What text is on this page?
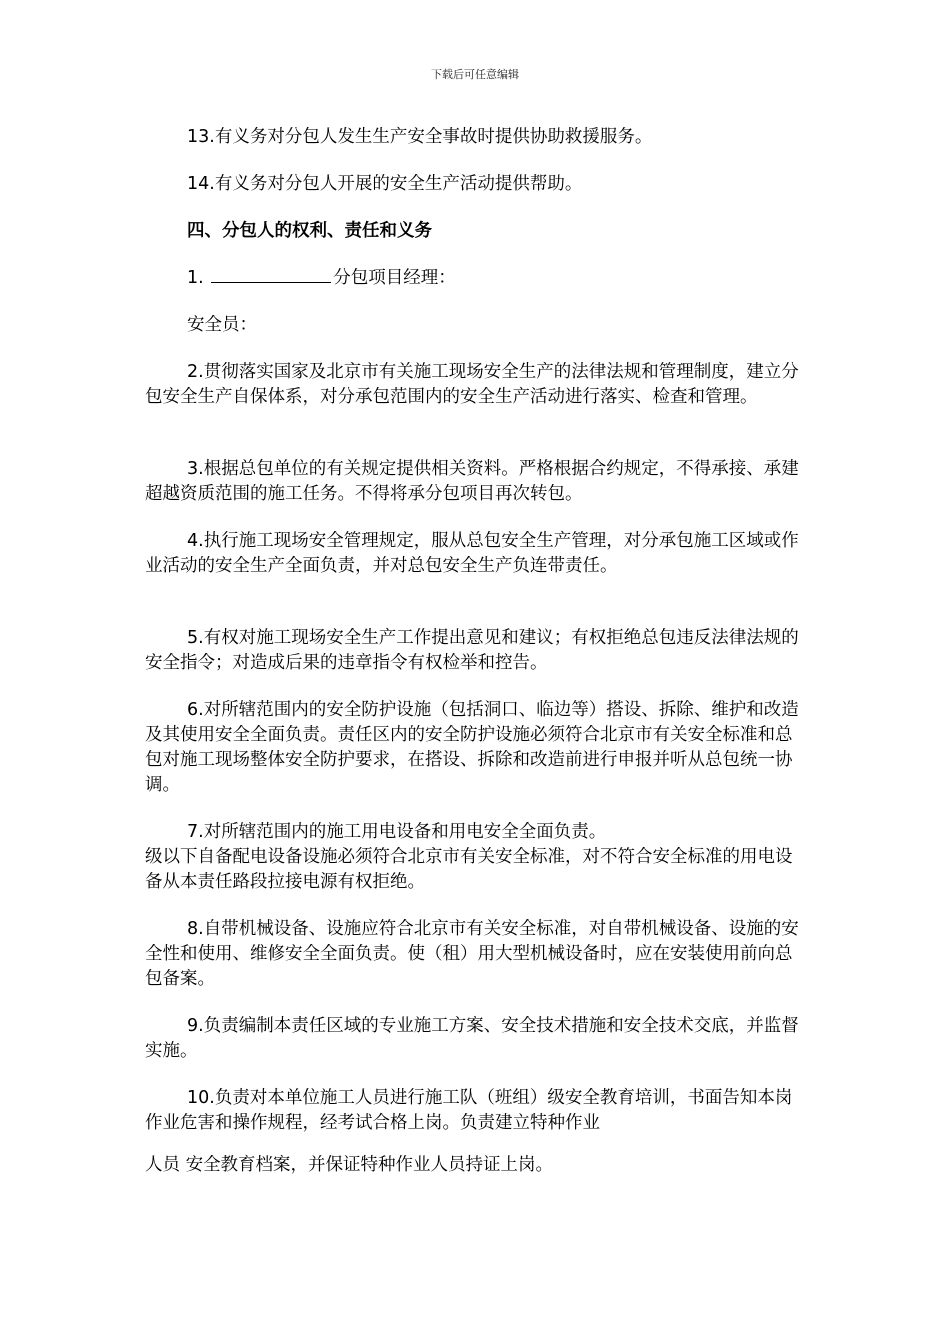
下载后可任意编辑
13.有义务对分包人发生生产安全事故时提供协助救援服务。
14.有义务对分包人开展的安全生产活动提供帮助。
四、分包人的权利、责任和义务
1.	分包项目经理：
安全员：

2.贯彻落实国家及北京市有关施工现场安全生产的法律法规和管理制度，建立分包安全生产自保体系，对分承包范围内的安全生产活动进行落实、检查和管理。

3.根据总包单位的有关规定提供相关资料。严格根据合约规定，不得承接、承建超越资质范围的施工任务。不得将承分包项目再次转包。

4.执行施工现场安全管理规定，服从总包安全生产管理，对分承包施工区域或作业活动的安全生产全面负责，并对总包安全生产负连带责任。

5.有权对施工现场安全生产工作提出意见和建议；有权拒绝总包违反法律法规的安全指令；对造成后果的违章指令有权检举和控告。

6.对所辖范围内的安全防护设施（包括洞口、临边等）搭设、拆除、维护和改造及其使用安全全面负责。责任区内的安全防护设施必须符合北京市有关安全标准和总包对施工现场整体安全防护要求，在搭设、拆除和改造前进行申报并听从总包统一协调。

7.对所辖范围内的施工用电设备和用电安全全面负责。
级以下自备配电设备设施必须符合北京市有关安全标准，对不符合安全标准的用电设备从本责任路段拉接电源有权拒绝。

8.自带机械设备、设施应符合北京市有关安全标准，对自带机械设备、设施的安全性和使用、维修安全全面负责。使（租）用大型机械设备时，应在安装使用前向总包备案。

9.负责编制本责任区域的专业施工方案、安全技术措施和安全技术交底，并监督实施。

10.负责对本单位施工人员进行施工队（班组）级安全教育培训，书面告知本岗作业危害和操作规程，经考试合格上岗。负责建立特种作业

人员 安全教育档案，并保证特种作业人员持证上岗。
